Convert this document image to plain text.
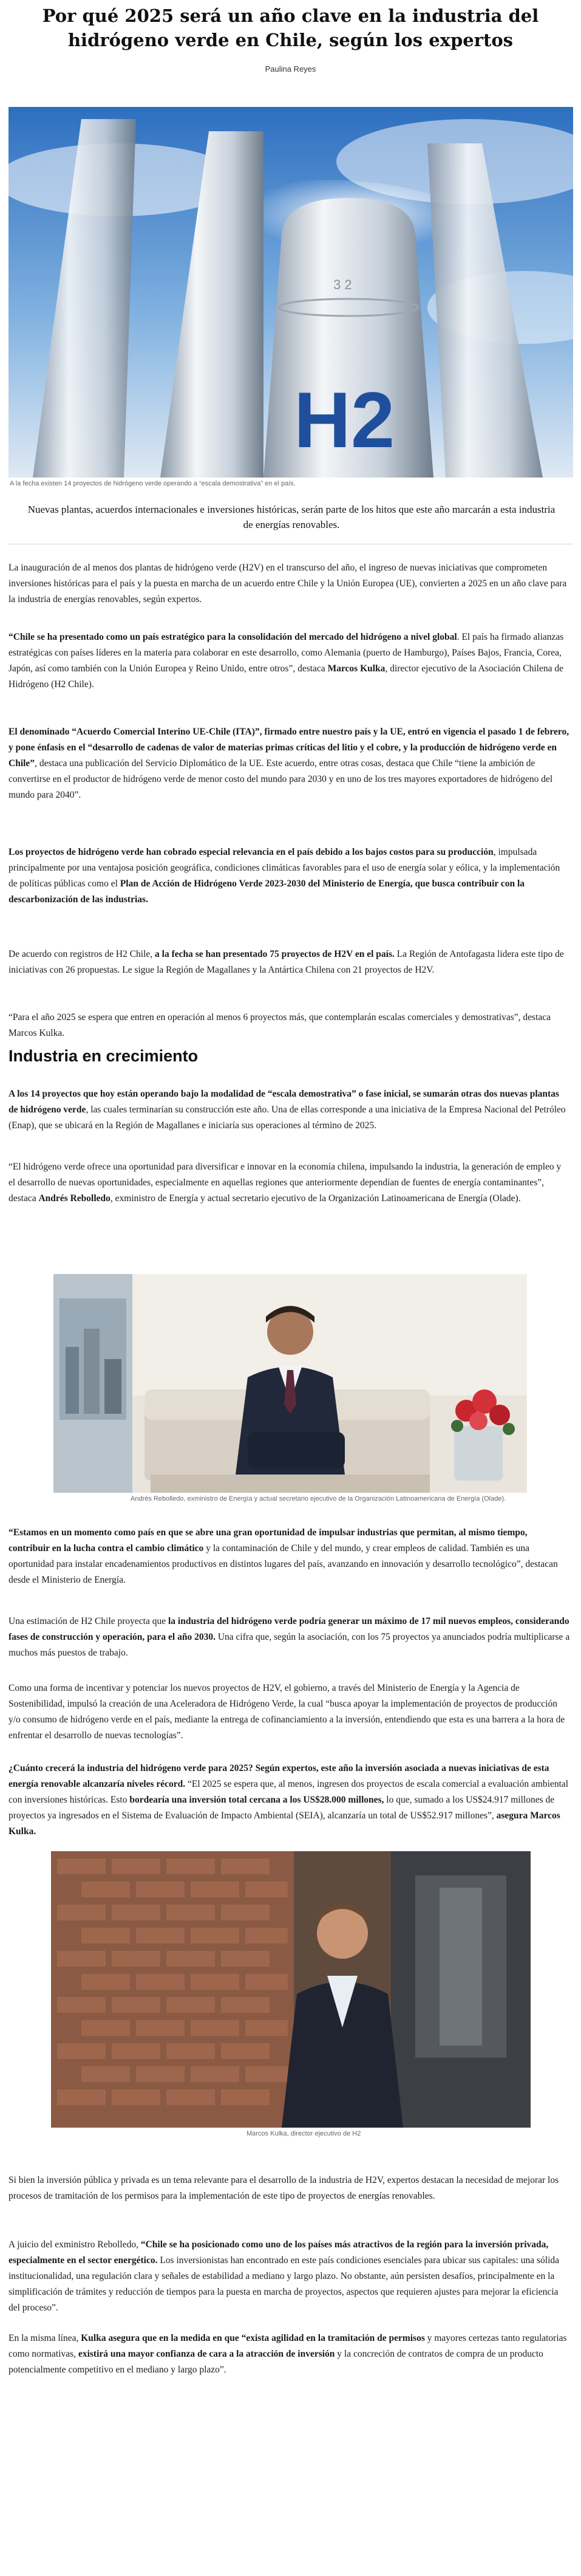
Por qué 2025 será un año clave en la industria del hidrógeno verde en Chile, según los expertos
Paulina Reyes
3 2
H2
A la fecha existen 14 proyectos de hidrógeno verde operando a “escala demostrativa” en el país.

Nuevas plantas, acuerdos internacionales e inversiones históricas, serán parte de los hitos que este año marcarán a esta industria de energías renovables.

La inauguración de al menos dos plantas de hidrógeno verde (H2V) en el transcurso del año, el ingreso de nuevas iniciativas que comprometen inversiones históricas para el país y la puesta en marcha de un acuerdo entre Chile y la Unión Europea (UE), convierten a 2025 en un año clave para la industria de energías renovables, según expertos.

“Chile se ha presentado como un país estratégico para la consolidación del mercado del hidrógeno a nivel global. El país ha firmado alianzas estratégicas con países líderes en la materia para colaborar en este desarrollo, como Alemania (puerto de Hamburgo), Países Bajos, Francia, Corea, Japón, así como también con la Unión Europea y Reino Unido, entre otros”, destaca Marcos Kulka, director ejecutivo de la Asociación Chilena de Hidrógeno (H2 Chile).

El denominado “Acuerdo Comercial Interino UE-Chile (ITA)”, firmado entre nuestro país y la UE, entró en vigencia el pasado 1 de febrero, y pone énfasis en el “desarrollo de cadenas de valor de materias primas críticas del litio y el cobre, y la producción de hidrógeno verde en Chile”, destaca una publicación del Servicio Diplomático de la UE. Este acuerdo, entre otras cosas, destaca que Chile “tiene la ambición de convertirse en el productor de hidrógeno verde de menor costo del mundo para 2030 y en uno de los tres mayores exportadores de hidrógeno del mundo para 2040”.

Los proyectos de hidrógeno verde han cobrado especial relevancia en el país debido a los bajos costos para su producción, impulsada principalmente por una ventajosa posición geográfica, condiciones climáticas favorables para el uso de energía solar y eólica, y la implementación de políticas públicas como el Plan de Acción de Hidrógeno Verde 2023-2030 del Ministerio de Energía, que busca contribuir con la descarbonización de las industrias.

De acuerdo con registros de H2 Chile, a la fecha se han presentado 75 proyectos de H2V en el país. La Región de Antofagasta lidera este tipo de iniciativas con 26 propuestas. Le sigue la Región de Magallanes y la Antártica Chilena con 21 proyectos de H2V.

“Para el año 2025 se espera que entren en operación al menos 6 proyectos más, que contemplarán escalas comerciales y demostrativas”, destaca Marcos Kulka.

Industria en crecimiento

A los 14 proyectos que hoy están operando bajo la modalidad de “escala demostrativa” o fase inicial, se sumarán otras dos nuevas plantas de hidrógeno verde, las cuales terminarían su construcción este año. Una de ellas corresponde a una iniciativa de la Empresa Nacional del Petróleo (Enap), que se ubicará en la Región de Magallanes e iniciaría sus operaciones al término de 2025.

“El hidrógeno verde ofrece una oportunidad para diversificar e innovar en la economía chilena, impulsando la industria, la generación de empleo y el desarrollo de nuevas oportunidades, especialmente en aquellas regiones que anteriormente dependían de fuentes de energía contaminantes”, destaca Andrés Rebolledo, exministro de Energía y actual secretario ejecutivo de la Organización Latinoamericana de Energía (Olade).

Andrés Rebolledo, exministro de Energía y actual secretario ejecutivo de la Organización Latinoamericana de Energía (Olade).

“Estamos en un momento como país en que se abre una gran oportunidad de impulsar industrias que permitan, al mismo tiempo, contribuir en la lucha contra el cambio climático y la contaminación de Chile y del mundo, y crear empleos de calidad. También es una oportunidad para instalar encadenamientos productivos en distintos lugares del país, avanzando en innovación y desarrollo tecnológico”, destacan desde el Ministerio de Energía.

Una estimación de H2 Chile proyecta que la industria del hidrógeno verde podría generar un máximo de 17 mil nuevos empleos, considerando fases de construcción y operación, para el año 2030. Una cifra que, según la asociación, con los 75 proyectos ya anunciados podría multiplicarse a muchos más puestos de trabajo.

Como una forma de incentivar y potenciar los nuevos proyectos de H2V, el gobierno, a través del Ministerio de Energía y la Agencia de Sostenibilidad, impulsó la creación de una Aceleradora de Hidrógeno Verde, la cual “busca apoyar la implementación de proyectos de producción y/o consumo de hidrógeno verde en el país, mediante la entrega de cofinanciamiento a la inversión, entendiendo que esta es una barrera a la hora de enfrentar el desarrollo de nuevas tecnologías”.

¿Cuánto crecerá la industria del hidrógeno verde para 2025? Según expertos, este año la inversión asociada a nuevas iniciativas de esta energía renovable alcanzaría niveles récord. “El 2025 se espera que, al menos, ingresen dos proyectos de escala comercial a evaluación ambiental con inversiones históricas. Esto bordearía una inversión total cercana a los US$28.000 millones, lo que, sumado a los US$24.917 millones de proyectos ya ingresados en el Sistema de Evaluación de Impacto Ambiental (SEIA), alcanzaría un total de US$52.917 millones”, asegura Marcos Kulka.

Marcos Kulka, director ejecutivo de H2

Si bien la inversión pública y privada es un tema relevante para el desarrollo de la industria de H2V, expertos destacan la necesidad de mejorar los procesos de tramitación de los permisos para la implementación de este tipo de proyectos de energías renovables.

A juicio del exministro Rebolledo, “Chile se ha posicionado como uno de los países más atractivos de la región para la inversión privada, especialmente en el sector energético. Los inversionistas han encontrado en este país condiciones esenciales para ubicar sus capitales: una sólida institucionalidad, una regulación clara y señales de estabilidad a mediano y largo plazo. No obstante, aún persisten desafíos, principalmente en la simplificación de trámites y reducción de tiempos para la puesta en marcha de proyectos, aspectos que requieren ajustes para mejorar la eficiencia del proceso”.

En la misma línea, Kulka asegura que en la medida en que “exista agilidad en la tramitación de permisos y mayores certezas tanto regulatorias como normativas, existirá una mayor confianza de cara a la atracción de inversión y la concreción de contratos de compra de un producto potencialmente competitivo en el mediano y largo plazo”.
